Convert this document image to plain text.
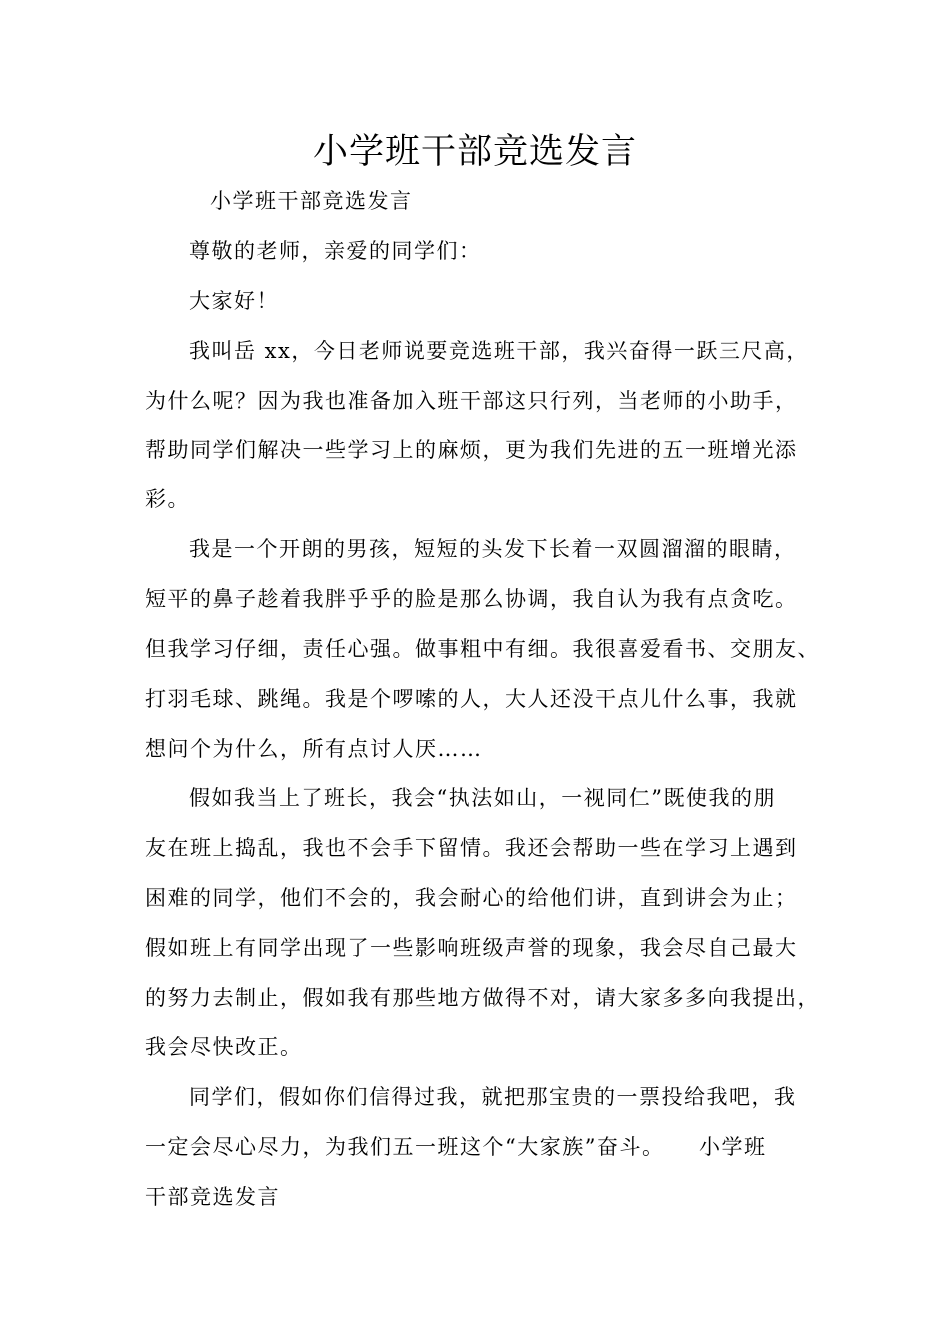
小学班干部竞选发言

小学班干部竞选发言

尊敬的老师，亲爱的同学们：

大家好！

我叫岳 xx，今日老师说要竞选班干部，我兴奋得一跃三尺高，

为什么呢？因为我也准备加入班干部这只行列，当老师的小助手，

帮助同学们解决一些学习上的麻烦，更为我们先进的五一班增光添

彩。

我是一个开朗的男孩，短短的头发下长着一双圆溜溜的眼睛，

短平的鼻子趁着我胖乎乎的脸是那么协调，我自认为我有点贪吃。

但我学习仔细，责任心强。做事粗中有细。我很喜爱看书、交朋友、

打羽毛球、跳绳。我是个啰嗦的人，大人还没干点儿什么事，我就

想问个为什么，所有点讨人厌……

假如我当上了班长，我会“执法如山，一视同仁”既使我的朋

友在班上捣乱，我也不会手下留情。我还会帮助一些在学习上遇到

困难的同学，他们不会的，我会耐心的给他们讲，直到讲会为止；

假如班上有同学出现了一些影响班级声誉的现象，我会尽自己最大

的努力去制止，假如我有那些地方做得不对，请大家多多向我提出，

我会尽快改正。

同学们，假如你们信得过我，就把那宝贵的一票投给我吧，我

一定会尽心尽力，为我们五一班这个“大家族”奋斗。　　小学班

干部竞选发言
